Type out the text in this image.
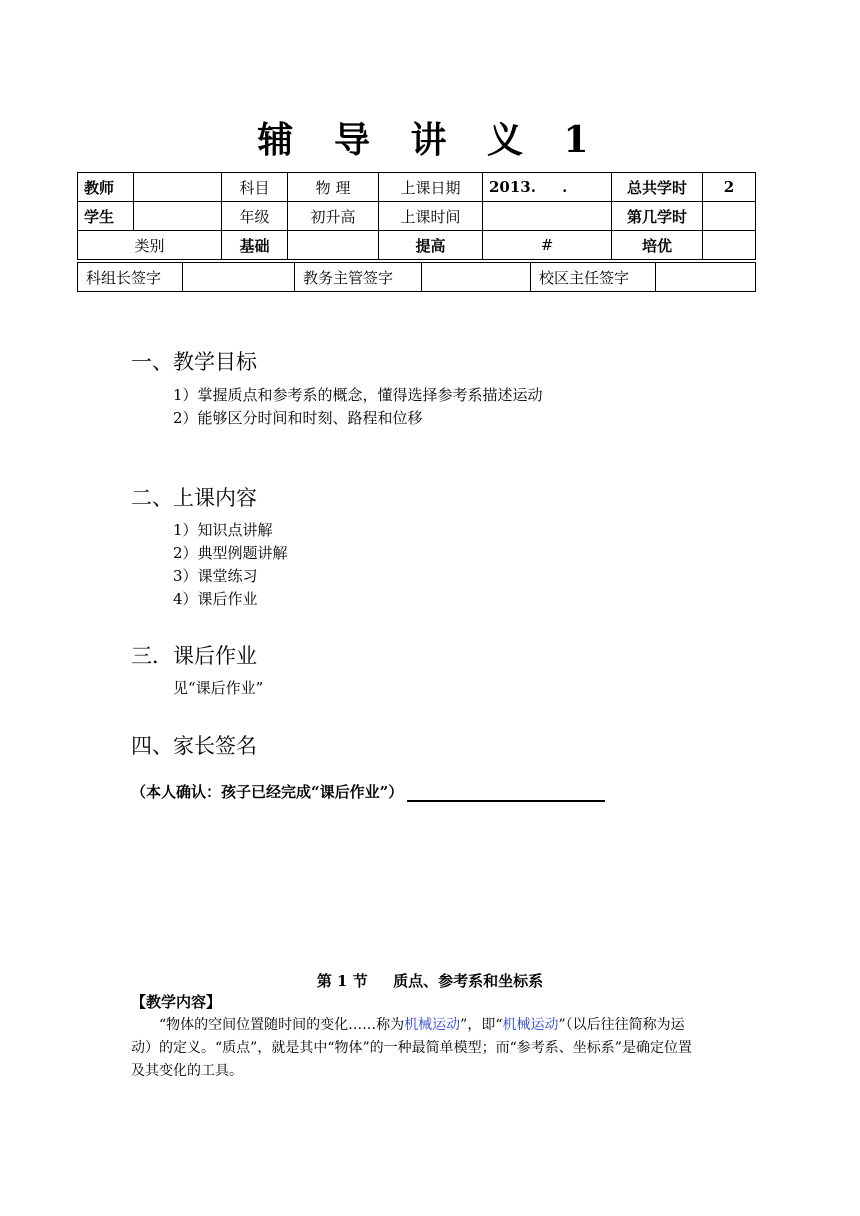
辅 导 讲 义 1
教师		科目	物 理	上课日期	2013.     .	总共学时	2
学生		年级	初升高	上课时间		第几学时	
类别		基础		提高	#	培优	
科组长签字		教务主管签字		校区主任签字	
一、教学目标
1）掌握质点和参考系的概念，懂得选择参考系描述运动
2）能够区分时间和时刻、路程和位移
二、上课内容
1）知识点讲解
2）典型例题讲解
3）课堂练习
4）课后作业
三．课后作业
见“课后作业”
四、家长签名
（本人确认：孩子已经完成“课后作业”）
第 1 节　  质点、参考系和坐标系
【教学内容】
“物体的空间位置随时间的变化……称为机械运动”，即“机械运动”（以后往往简称为运
动）的定义。“质点”，就是其中“物体”的一种最简单模型；而“参考系、坐标系”是确定位置
及其变化的工具。
